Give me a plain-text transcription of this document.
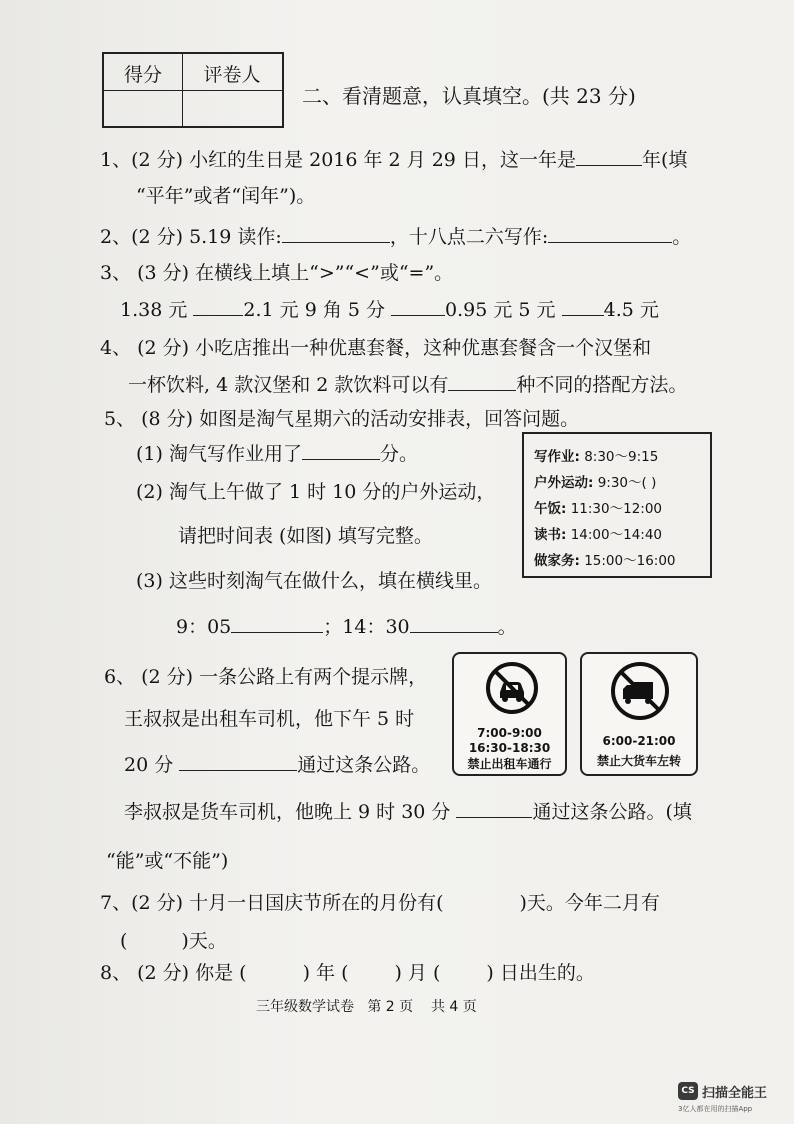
得分	评卷人
二、看清题意，认真填空。(共 23 分)
1、(2 分) 小红的生日是 2016 年 2 月 29 日，这一年是	年(填
“平年”或者“闰年”)。
2、(2 分) 5.19 读作:	，十八点二六写作:	。
3、 (3 分) 在横线上填上“>”“<”或“=”。
1.38 元	2.1 元 9 角 5 分	0.95 元 5 元	4.5 元
4、 (2 分) 小吃店推出一种优惠套餐，这种优惠套餐含一个汉堡和
一杯饮料, 4 款汉堡和 2 款饮料可以有	种不同的搭配方法。
5、 (8 分) 如图是淘气星期六的活动安排表，回答问题。
(1) 淘气写作业用了	分。
(2) 淘气上午做了 1 时 10 分的户外运动，
请把时间表 (如图) 填写完整。
(3) 这些时刻淘气在做什么，填在横线里。
9：05	；14：30	。
写作业: 8:30～9:15
户外运动: 9:30～( )
午饭: 11:30～12:00
读书: 14:00～14:40
做家务: 15:00～16:00
6、 (2 分) 一条公路上有两个提示牌，
王叔叔是出租车司机，他下午 5 时
20 分	通过这条公路。
李叔叔是货车司机，他晚上 9 时 30 分	通过这条公路。(填
“能”或“不能”)
7:00-9:00
16:30-18:30
禁止出租车通行
6:00-21:00
禁止大货车左转
7、(2 分) 十月一日国庆节所在的月份有(	)天。今年二月有
(	)天。
8、 (2 分) 你是 (	) 年 ( ) 月 ( ) 日出生的。
三年级数学试卷 第 2 页 共 4 页
CS 扫描全能王
3亿人都在用的扫描App
